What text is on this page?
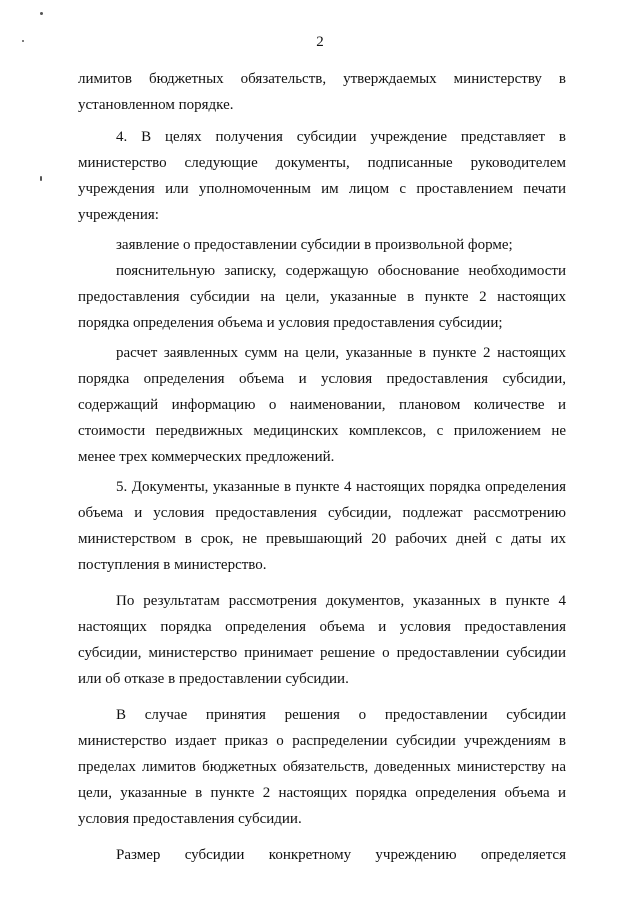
2

лимитов бюджетных обязательств, утверждаемых министерству в установленном порядке.

4. В целях получения субсидии учреждение представляет в министерство следующие документы, подписанные руководителем учреждения или уполномоченным им лицом с проставлением печати учреждения:

заявление о предоставлении субсидии в произвольной форме;

пояснительную записку, содержащую обоснование необходимости предоставления субсидии на цели, указанные в пункте 2 настоящих порядка определения объема и условия предоставления субсидии;

расчет заявленных сумм на цели, указанные в пункте 2 настоящих порядка определения объема и условия предоставления субсидии, содержащий информацию о наименовании, плановом количестве и стоимости передвижных медицинских комплексов, с приложением не менее трех коммерческих предложений.

5. Документы, указанные в пункте 4 настоящих порядка определения объема и условия предоставления субсидии, подлежат рассмотрению министерством в срок, не превышающий 20 рабочих дней с даты их поступления в министерство.

По результатам рассмотрения документов, указанных в пункте 4 настоящих порядка определения объема и условия предоставления субсидии, министерство принимает решение о предоставлении субсидии или об отказе в предоставлении субсидии.

В случае принятия решения о предоставлении субсидии министерство издает приказ о распределении субсидии учреждениям в пределах лимитов бюджетных обязательств, доведенных министерству на цели, указанные в пункте 2 настоящих порядка определения объема и условия предоставления субсидии.

Размер субсидии конкретному учреждению определяется
